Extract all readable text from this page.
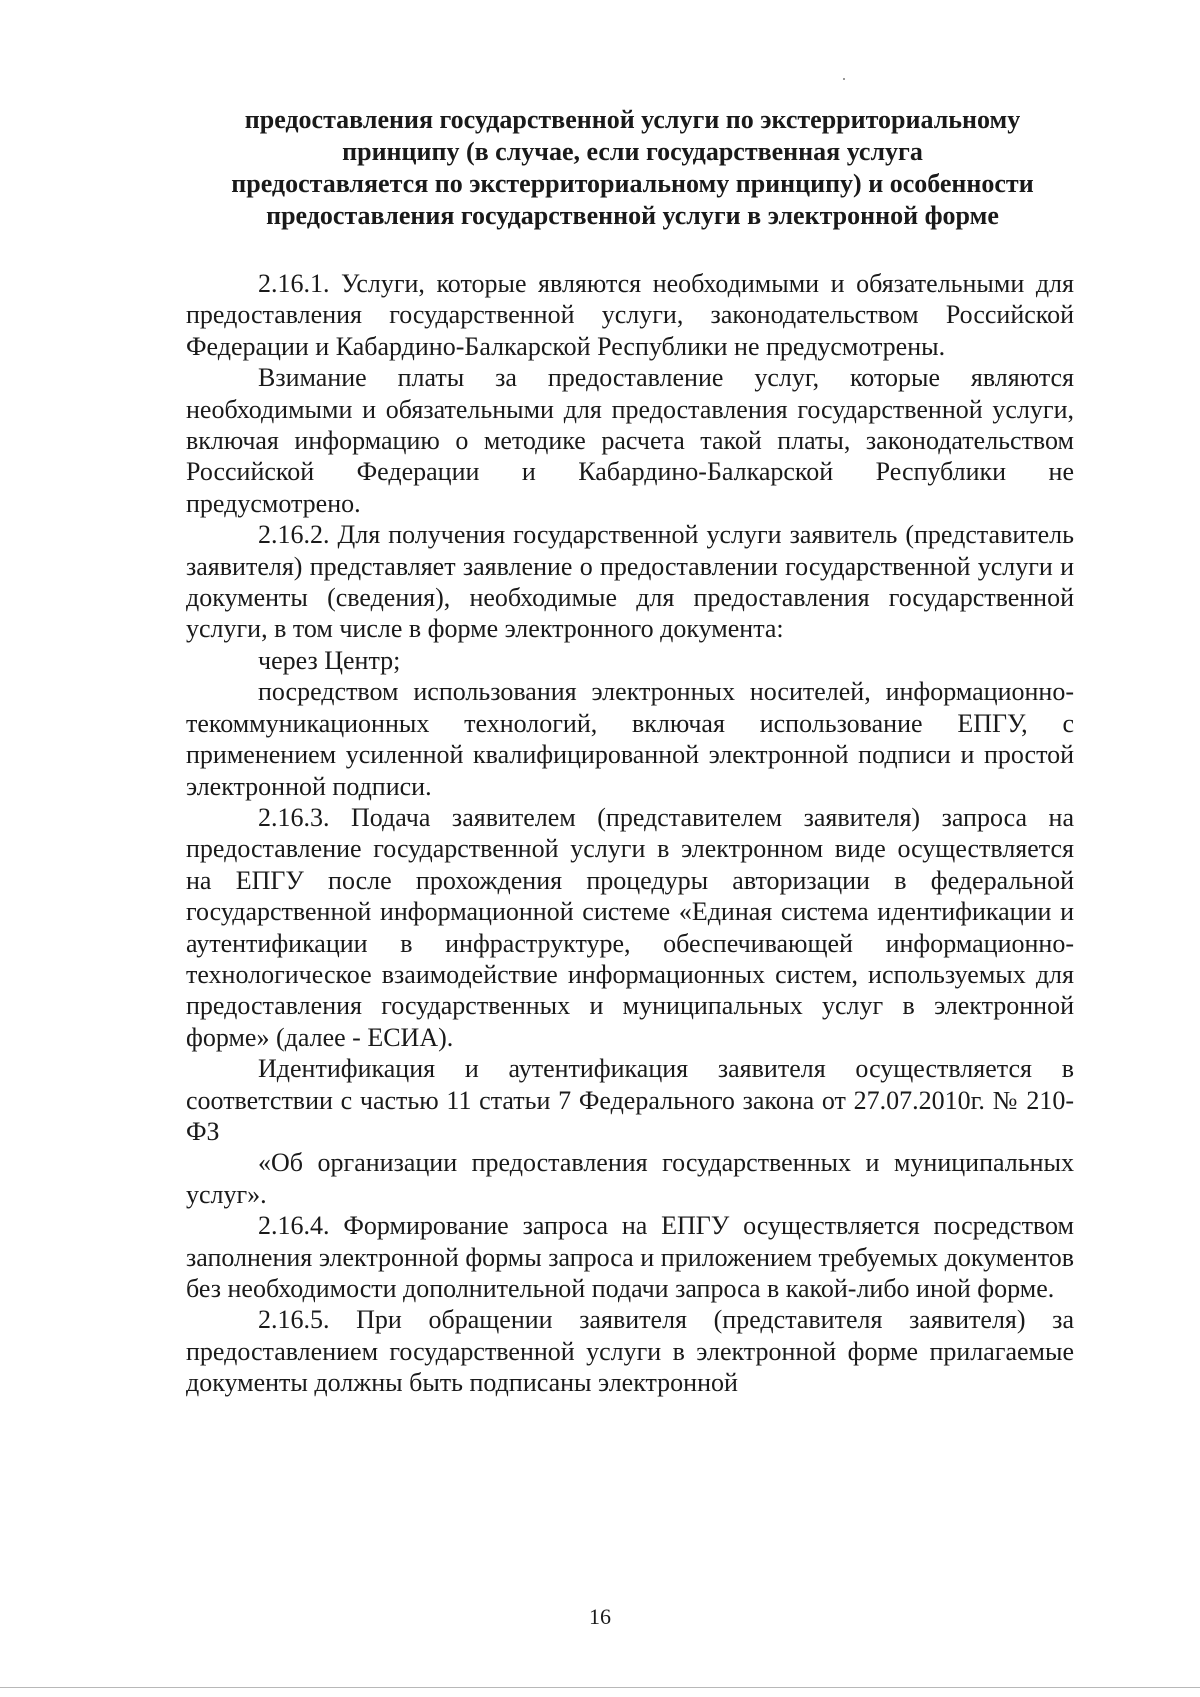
предоставления государственной услуги по экстерриториальному
принципу (в случае, если государственная услуга
предоставляется по экстерриториальному принципу) и особенности
предоставления государственной услуги в электронной форме

2.16.1. Услуги, которые являются необходимыми и обязательными для предоставления государственной услуги, законодательством Российской Федерации и Кабардино-Балкарской Республики не предусмотрены.

Взимание платы за предоставление услуг, которые являются необходимыми и обязательными для предоставления государственной услуги, включая информацию о методике расчета такой платы, законодательством Российской Федерации и Кабардино-Балкарской Республики не предусмотрено.

2.16.2. Для получения государственной услуги заявитель (представитель заявителя) представляет заявление о предоставлении государственной услуги и документы (сведения), необходимые для предоставления государственной услуги, в том числе в форме электронного документа:

через Центр;

посредством использования электронных носителей, информационно-текоммуникационных технологий, включая использование ЕПГУ, с применением усиленной квалифицированной электронной подписи и простой электронной подписи.

2.16.3. Подача заявителем (представителем заявителя) запроса на предоставление государственной услуги в электронном виде осуществляется на ЕПГУ после прохождения процедуры авторизации в федеральной государственной информационной системе «Единая система идентификации и аутентификации в инфраструктуре, обеспечивающей информационно-технологическое взаимодействие информационных систем, используемых для предоставления государственных и муниципальных услуг в электронной форме» (далее - ЕСИА).

Идентификация и аутентификация заявителя осуществляется в соответствии с частью 11 статьи 7 Федерального закона от 27.07.2010г. № 210-ФЗ

«Об организации предоставления государственных и муниципальных услуг».

2.16.4. Формирование запроса на ЕПГУ осуществляется посредством заполнения электронной формы запроса и приложением требуемых документов без необходимости дополнительной подачи запроса в какой-либо иной форме.

2.16.5. При обращении заявителя (представителя заявителя) за предоставлением государственной услуги в электронной форме прилагаемые документы должны быть подписаны электронной

16
